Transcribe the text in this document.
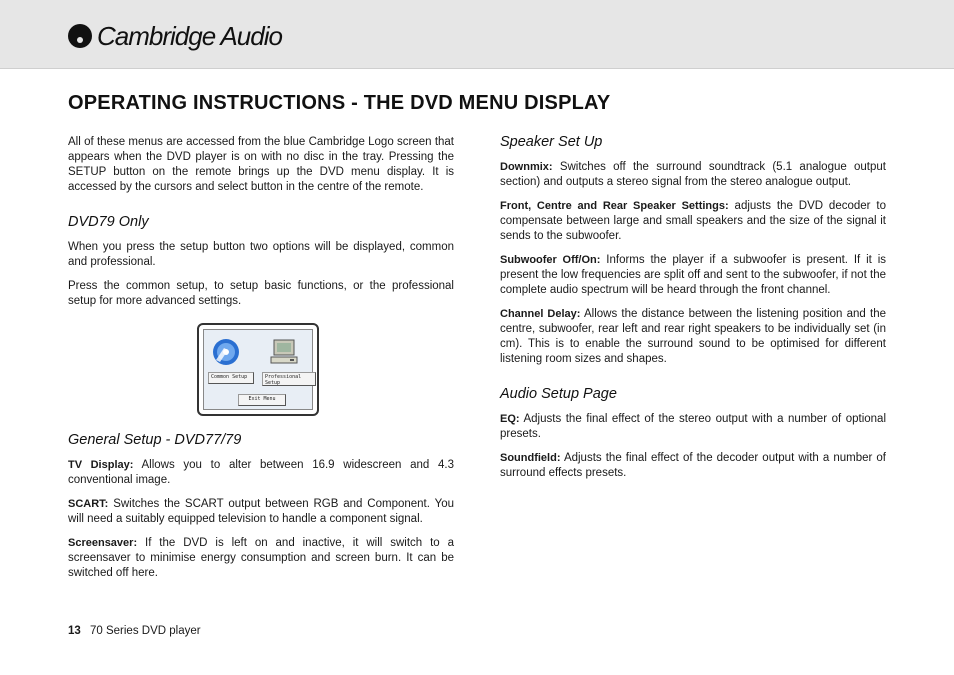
Cambridge Audio
OPERATING INSTRUCTIONS - THE DVD MENU DISPLAY

All of these menus are accessed from the blue Cambridge Logo screen that appears when the DVD player is on with no disc in the tray. Pressing the SETUP button on the remote brings up the DVD menu display. It is accessed by the cursors and select button in the centre of the remote.

DVD79 Only

When you press the setup button two options will be displayed, common and professional.

Press the common setup, to setup basic functions, or the professional setup for more advanced settings.

Common Setup	Professional Setup
Exit Menu
General Setup - DVD77/79

TV Display: Allows you to alter between 16.9 widescreen and 4.3 conventional image.

SCART: Switches the SCART output between RGB and Component. You will need a suitably equipped television to handle a component signal.

Screensaver: If the DVD is left on and inactive, it will switch to a screensaver to minimise energy consumption and screen burn. It can be switched off here.

Speaker Set Up

Downmix: Switches off the surround soundtrack (5.1 analogue output section) and outputs a stereo signal from the stereo analogue output.

Front, Centre and Rear Speaker Settings: adjusts the DVD decoder to compensate between large and small speakers and the size of the signal it sends to the subwoofer.

Subwoofer Off/On: Informs the player if a subwoofer is present. If it is present the low frequencies are split off and sent to the subwoofer, if not the complete audio spectrum will be heard through the front channel.

Channel Delay: Allows the distance between the listening position and the centre, subwoofer, rear left and rear right speakers to be individually set (in cm). This is to enable the surround sound to be optimised for different listening room sizes and shapes.

Audio Setup Page

EQ: Adjusts the final effect of the stereo output with a number of optional presets.

Soundfield: Adjusts the final effect of the decoder output with a number of surround effects presets.

13 70 Series DVD player
